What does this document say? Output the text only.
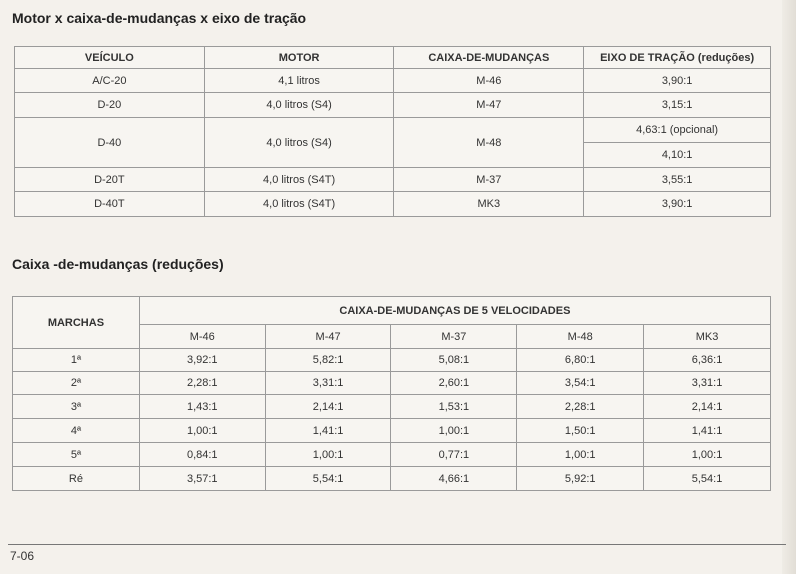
Motor x caixa-de-mudanças x eixo de tração
VEÍCULO	MOTOR	CAIXA-DE-MUDANÇAS	EIXO DE TRAÇÃO (reduções)
A/C-20	4,1 litros	M-46	3,90:1
D-20	4,0 litros (S4)	M-47	3,15:1
D-40	4,0 litros (S4)	M-48	4,63:1 (opcional)
			4,10:1
D-20T	4,0 litros (S4T)	M-37	3,55:1
D-40T	4,0 litros (S4T)	MK3	3,90:1
Caixa -de-mudanças (reduções)
MARCHAS	CAIXA-DE-MUDANÇAS DE 5 VELOCIDADES				
	M-46	M-47	M-37	M-48	MK3
1ª	3,92:1	5,82:1	5,08:1	6,80:1	6,36:1
2ª	2,28:1	3,31:1	2,60:1	3,54:1	3,31:1
3ª	1,43:1	2,14:1	1,53:1	2,28:1	2,14:1
4ª	1,00:1	1,41:1	1,00:1	1,50:1	1,41:1
5ª	0,84:1	1,00:1	0,77:1	1,00:1	1,00:1
Ré	3,57:1	5,54:1	4,66:1	5,92:1	5,54:1
7-06
